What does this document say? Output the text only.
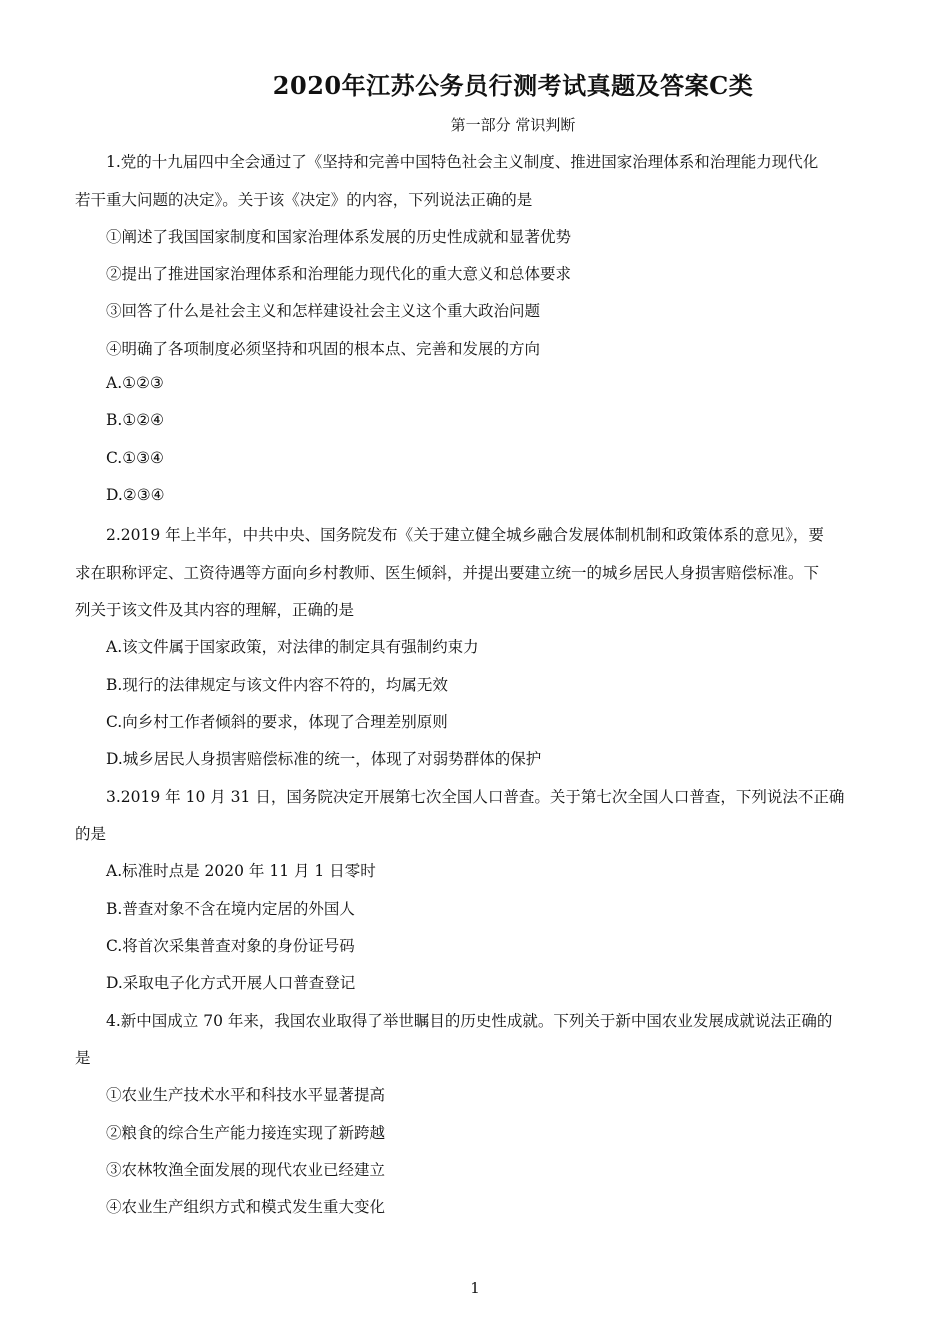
2020年江苏公务员行测考试真题及答案C类
第一部分 常识判断
1.党的十九届四中全会通过了《坚持和完善中国特色社会主义制度、推进国家治理体系和治理能力现代化
若干重大问题的决定》。关于该《决定》的内容，下列说法正确的是
①阐述了我国国家制度和国家治理体系发展的历史性成就和显著优势
②提出了推进国家治理体系和治理能力现代化的重大意义和总体要求
③回答了什么是社会主义和怎样建设社会主义这个重大政治问题
④明确了各项制度必须坚持和巩固的根本点、完善和发展的方向
A.①②③
B.①②④
C.①③④
D.②③④
2.2019 年上半年，中共中央、国务院发布《关于建立健全城乡融合发展体制机制和政策体系的意见》，要
求在职称评定、工资待遇等方面向乡村教师、医生倾斜，并提出要建立统一的城乡居民人身损害赔偿标准。下
列关于该文件及其内容的理解，正确的是
A.该文件属于国家政策，对法律的制定具有强制约束力
B.现行的法律规定与该文件内容不符的，均属无效
C.向乡村工作者倾斜的要求，体现了合理差别原则
D.城乡居民人身损害赔偿标准的统一，体现了对弱势群体的保护
3.2019 年 10 月 31 日，国务院决定开展第七次全国人口普查。关于第七次全国人口普查，下列说法不正确
的是
A.标准时点是 2020 年 11 月 1 日零时
B.普查对象不含在境内定居的外国人
C.将首次采集普查对象的身份证号码
D.采取电子化方式开展人口普查登记
4.新中国成立 70 年来，我国农业取得了举世瞩目的历史性成就。下列关于新中国农业发展成就说法正确的
是
①农业生产技术水平和科技水平显著提高
②粮食的综合生产能力接连实现了新跨越
③农林牧渔全面发展的现代农业已经建立
④农业生产组织方式和模式发生重大变化
1
